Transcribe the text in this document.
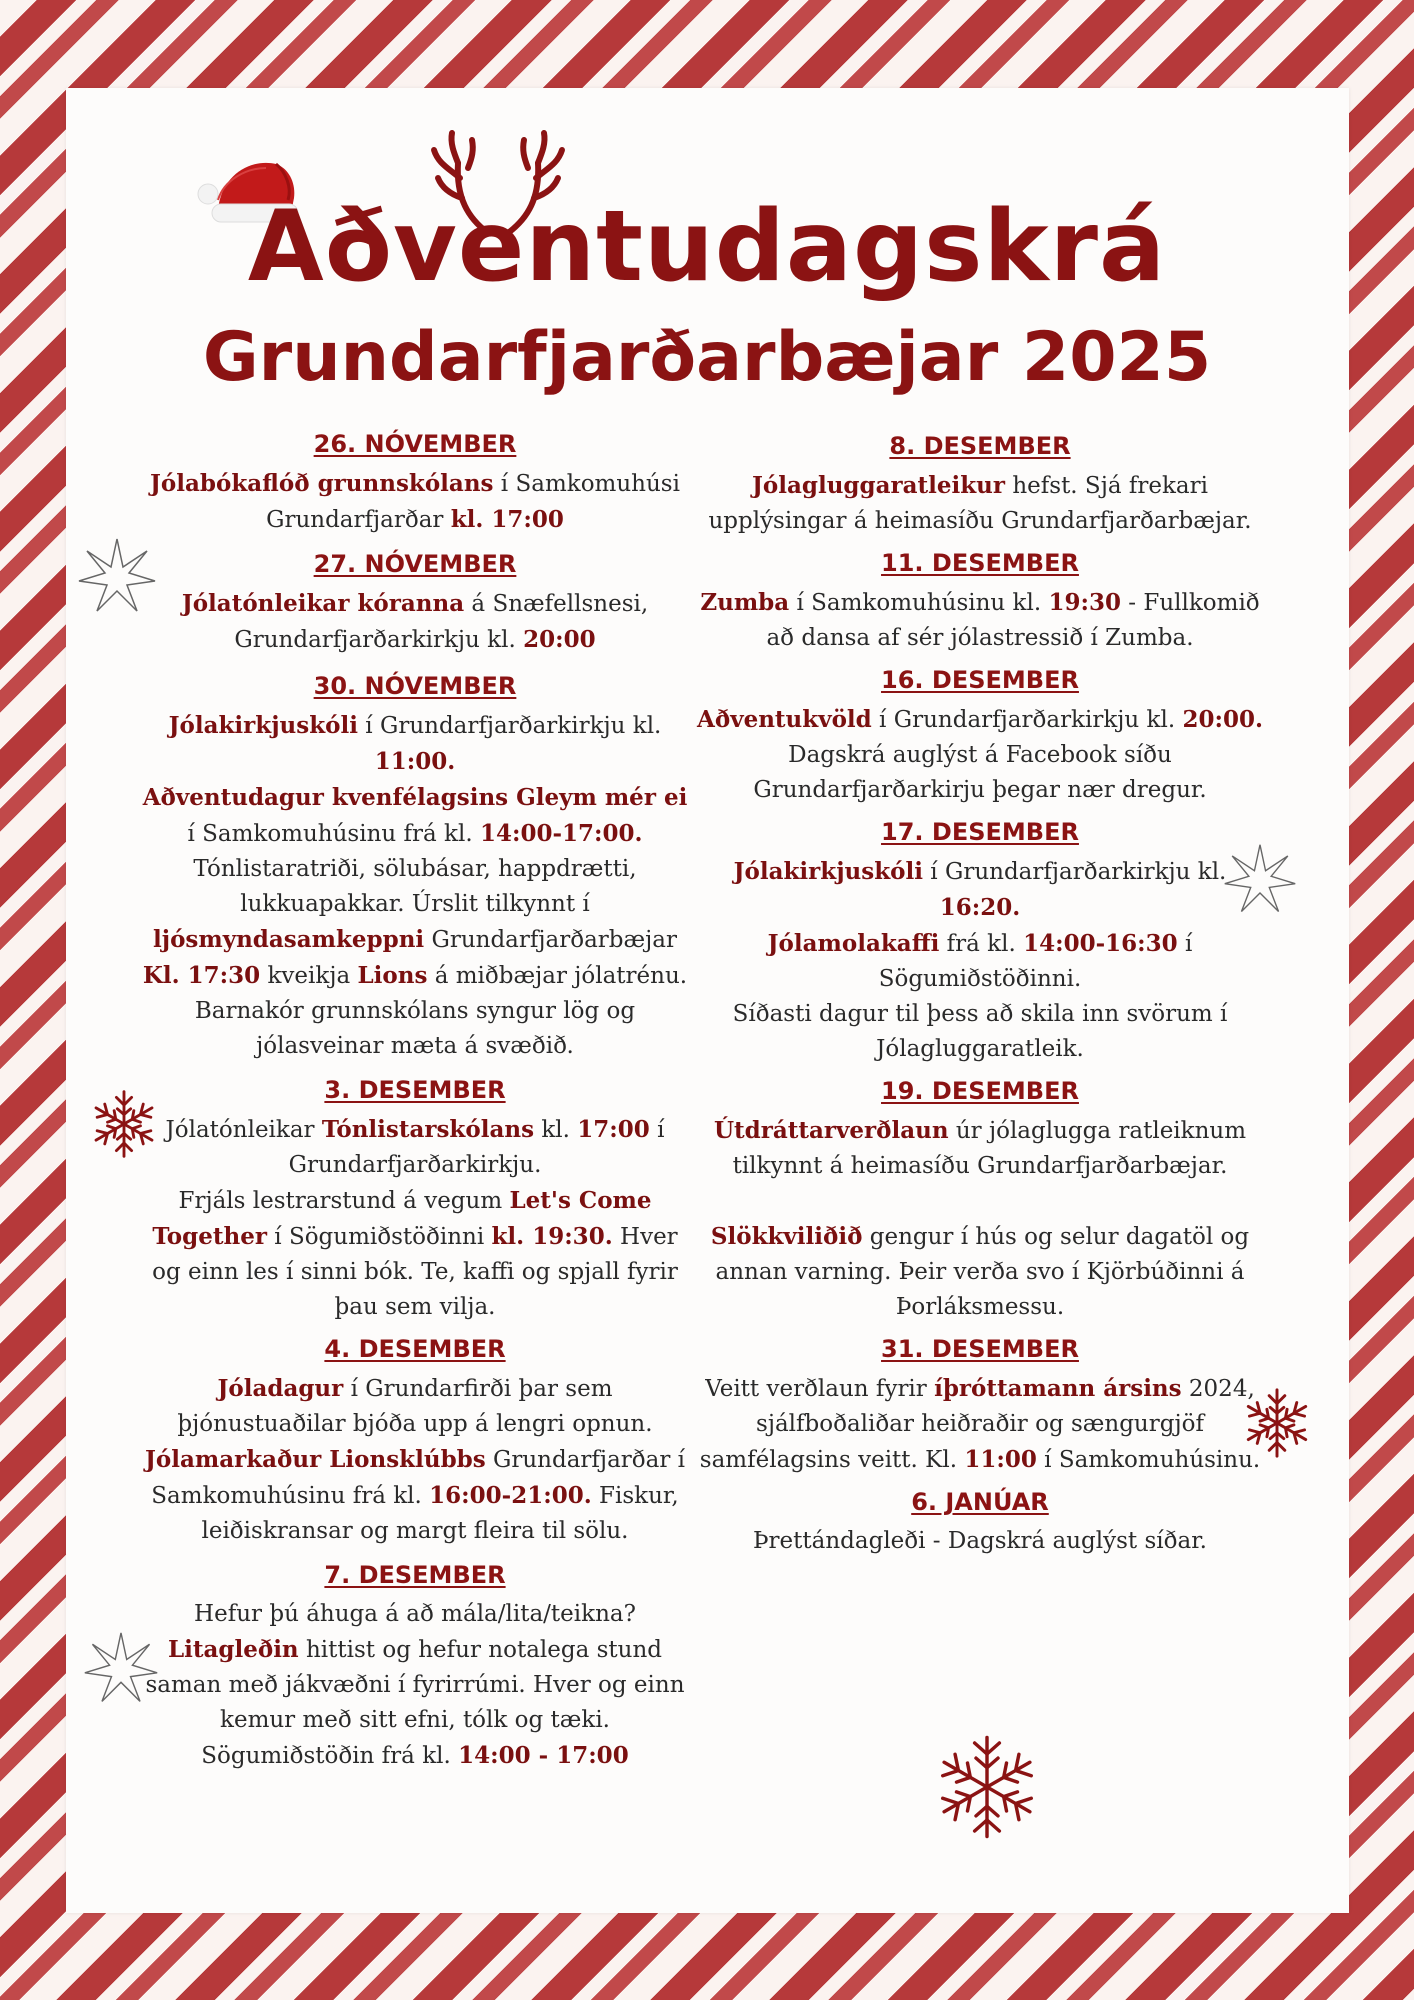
Aðventudagskrá
Grundarfjarðarbæjar 2025
26. NÓVEMBER

Jólabókaflóð grunnskólans í Samkomuhúsi Grundarfjarðar kl. 17:00

27. NÓVEMBER

Jólatónleikar kóranna á Snæfellsnesi, Grundarfjarðarkirkju kl. 20:00

30. NÓVEMBER

Jólakirkjuskóli í Grundarfjarðarkirkju kl. 11:00.
Aðventudagur kvenfélagsins Gleym mér ei í Samkomuhúsinu frá kl. 14:00-17:00. Tónlistaratriði, sölubásar, happdrætti, lukkuapakkar. Úrslit tilkynnt í ljósmyndasamkeppni Grundarfjarðarbæjar Kl. 17:30 kveikja Lions á miðbæjar jólatrénu. Barnakór grunnskólans syngur lög og jólasveinar mæta á svæðið.

3. DESEMBER

Jólatónleikar Tónlistarskólans kl. 17:00 í Grundarfjarðarkirkju.
Frjáls lestrarstund á vegum Let's Come Together í Sögumiðstöðinni kl. 19:30. Hver og einn les í sinni bók. Te, kaffi og spjall fyrir þau sem vilja.

4. DESEMBER

Jóladagur í Grundarfirði þar sem þjónustuaðilar bjóða upp á lengri opnun.
Jólamarkaður Lionsklúbbs Grundarfjarðar í Samkomuhúsinu frá kl. 16:00-21:00. Fiskur, leiðiskransar og margt fleira til sölu.

7. DESEMBER

Hefur þú áhuga á að mála/lita/teikna? Litagleðin hittist og hefur notalega stund saman með jákvæðni í fyrirrúmi. Hver og einn kemur með sitt efni, tólk og tæki. Sögumiðstöðin frá kl. 14:00 - 17:00

8. DESEMBER

Jólagluggaratleikur hefst. Sjá frekari upplýsingar á heimasíðu Grundarfjarðarbæjar.

11. DESEMBER

Zumba í Samkomuhúsinu kl. 19:30 - Fullkomið að dansa af sér jólastressið í Zumba.

16. DESEMBER

Aðventukvöld í Grundarfjarðarkirkju kl. 20:00. Dagskrá auglýst á Facebook síðu Grundarfjarðarkirju þegar nær dregur.

17. DESEMBER

Jólakirkjuskóli í Grundarfjarðarkirkju kl. 16:20.
Jólamolakaffi frá kl. 14:00-16:30 í Sögumiðstöðinni.
Síðasti dagur til þess að skila inn svörum í Jólagluggaratleik.

19. DESEMBER

Útdráttarverðlaun úr jólaglugga ratleiknum tilkynnt á heimasíðu Grundarfjarðarbæjar.

Slökkviliðið gengur í hús og selur dagatöl og annan varning. Þeir verða svo í Kjörbúðinni á Þorláksmessu.

31. DESEMBER

Veitt verðlaun fyrir íþróttamann ársins 2024, sjálfboðaliðar heiðraðir og sængurgjöf samfélagsins veitt. Kl. 11:00 í Samkomuhúsinu.

6. JANÚAR

Þrettándagleði - Dagskrá auglýst síðar.
